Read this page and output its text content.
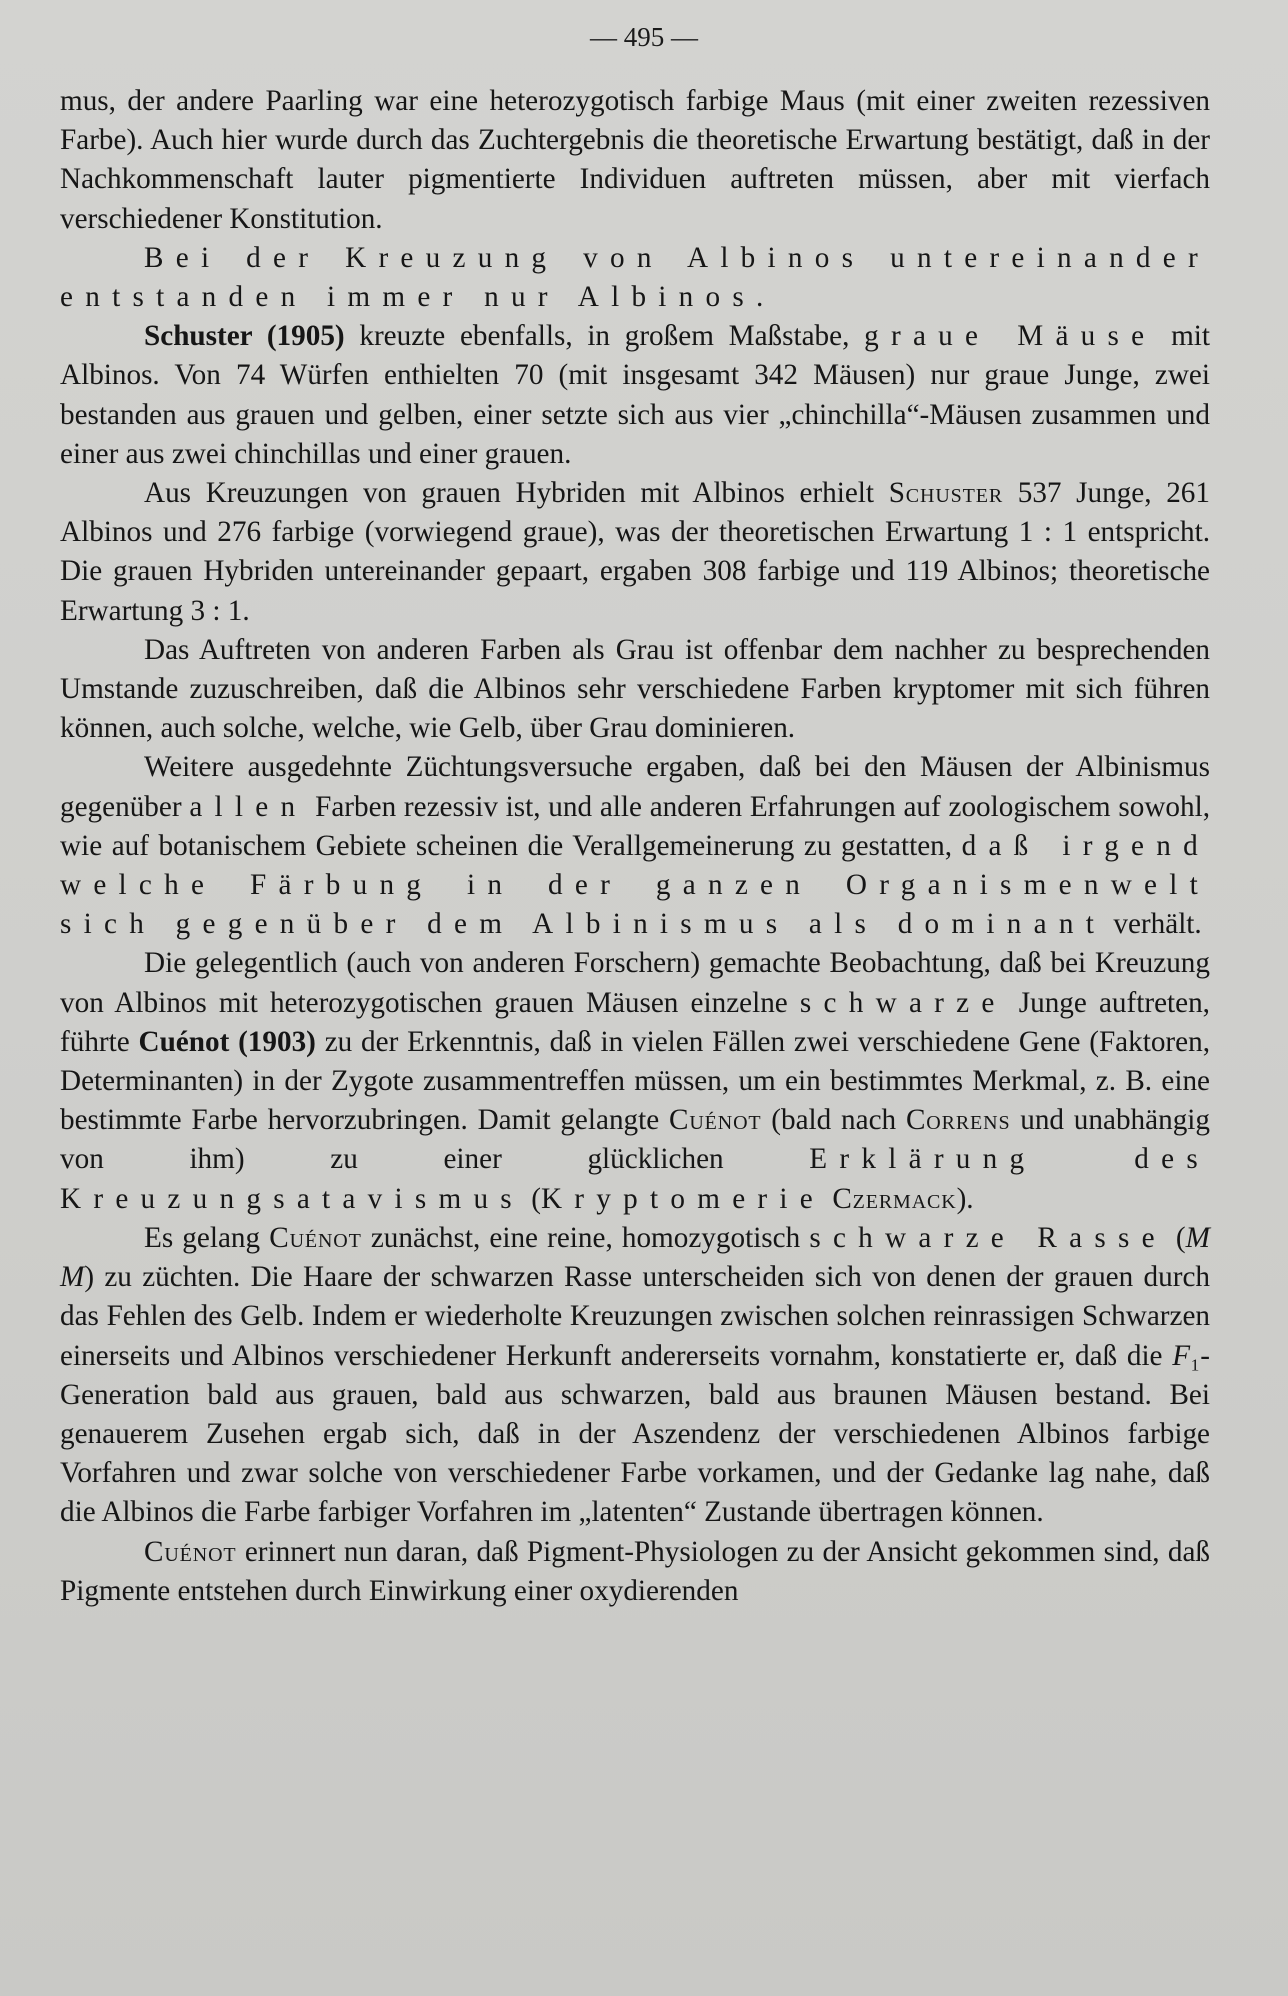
— 495 —

mus, der andere Paarling war eine heterozygotisch farbige Maus (mit einer zweiten rezessiven Farbe). Auch hier wurde durch das Zuchtergebnis die theoretische Erwartung bestätigt, daß in der Nachkommenschaft lauter pigmentierte Individuen auftreten müssen, aber mit vierfach verschiedener Konstitution.

Bei der Kreuzung von Albinos untereinander entstanden immer nur Albinos.

Schuster (1905) kreuzte ebenfalls, in großem Maßstabe, graue Mäuse mit Albinos. Von 74 Würfen enthielten 70 (mit insgesamt 342 Mäusen) nur graue Junge, zwei bestanden aus grauen und gelben, einer setzte sich aus vier „chinchilla“-Mäusen zusammen und einer aus zwei chinchillas und einer grauen.

Aus Kreuzungen von grauen Hybriden mit Albinos erhielt Schuster 537 Junge, 261 Albinos und 276 farbige (vorwiegend graue), was der theoretischen Erwartung 1 : 1 entspricht. Die grauen Hybriden untereinander gepaart, ergaben 308 farbige und 119 Albinos; theoretische Erwartung 3 : 1.

Das Auftreten von anderen Farben als Grau ist offenbar dem nachher zu besprechenden Umstande zuzuschreiben, daß die Albinos sehr verschiedene Farben kryptomer mit sich führen können, auch solche, welche, wie Gelb, über Grau dominieren.

Weitere ausgedehnte Züchtungsversuche ergaben, daß bei den Mäusen der Albinismus gegenüber allen Farben rezessiv ist, und alle anderen Erfahrungen auf zoologischem sowohl, wie auf botanischem Gebiete scheinen die Verallgemeinerung zu gestatten, daß irgend welche Färbung in der ganzen Organismenwelt sich gegenüber dem Albinismus als dominant verhält.

Die gelegentlich (auch von anderen Forschern) gemachte Beobachtung, daß bei Kreuzung von Albinos mit heterozygotischen grauen Mäusen einzelne schwarze Junge auftreten, führte Cuénot (1903) zu der Erkenntnis, daß in vielen Fällen zwei verschiedene Gene (Faktoren, Determinanten) in der Zygote zusammentreffen müssen, um ein bestimmtes Merkmal, z. B. eine bestimmte Farbe hervorzubringen. Damit gelangte Cuénot (bald nach Correns und unabhängig von ihm) zu einer glücklichen Erklärung des Kreuzungsatavismus (Kryptomerie Czermack).

Es gelang Cuénot zunächst, eine reine, homozygotisch schwarze Rasse (M M) zu züchten. Die Haare der schwarzen Rasse unterscheiden sich von denen der grauen durch das Fehlen des Gelb. Indem er wiederholte Kreuzungen zwischen solchen reinrassigen Schwarzen einerseits und Albinos verschiedener Herkunft andererseits vornahm, konstatierte er, daß die F₁-Generation bald aus grauen, bald aus schwarzen, bald aus braunen Mäusen bestand. Bei genauerem Zusehen ergab sich, daß in der Aszendenz der verschiedenen Albinos farbige Vorfahren und zwar solche von verschiedener Farbe vorkamen, und der Gedanke lag nahe, daß die Albinos die Farbe farbiger Vorfahren im „latenten“ Zustande übertragen können.

Cuénot erinnert nun daran, daß Pigment-Physiologen zu der Ansicht gekommen sind, daß Pigmente entstehen durch Einwirkung einer oxydierenden
